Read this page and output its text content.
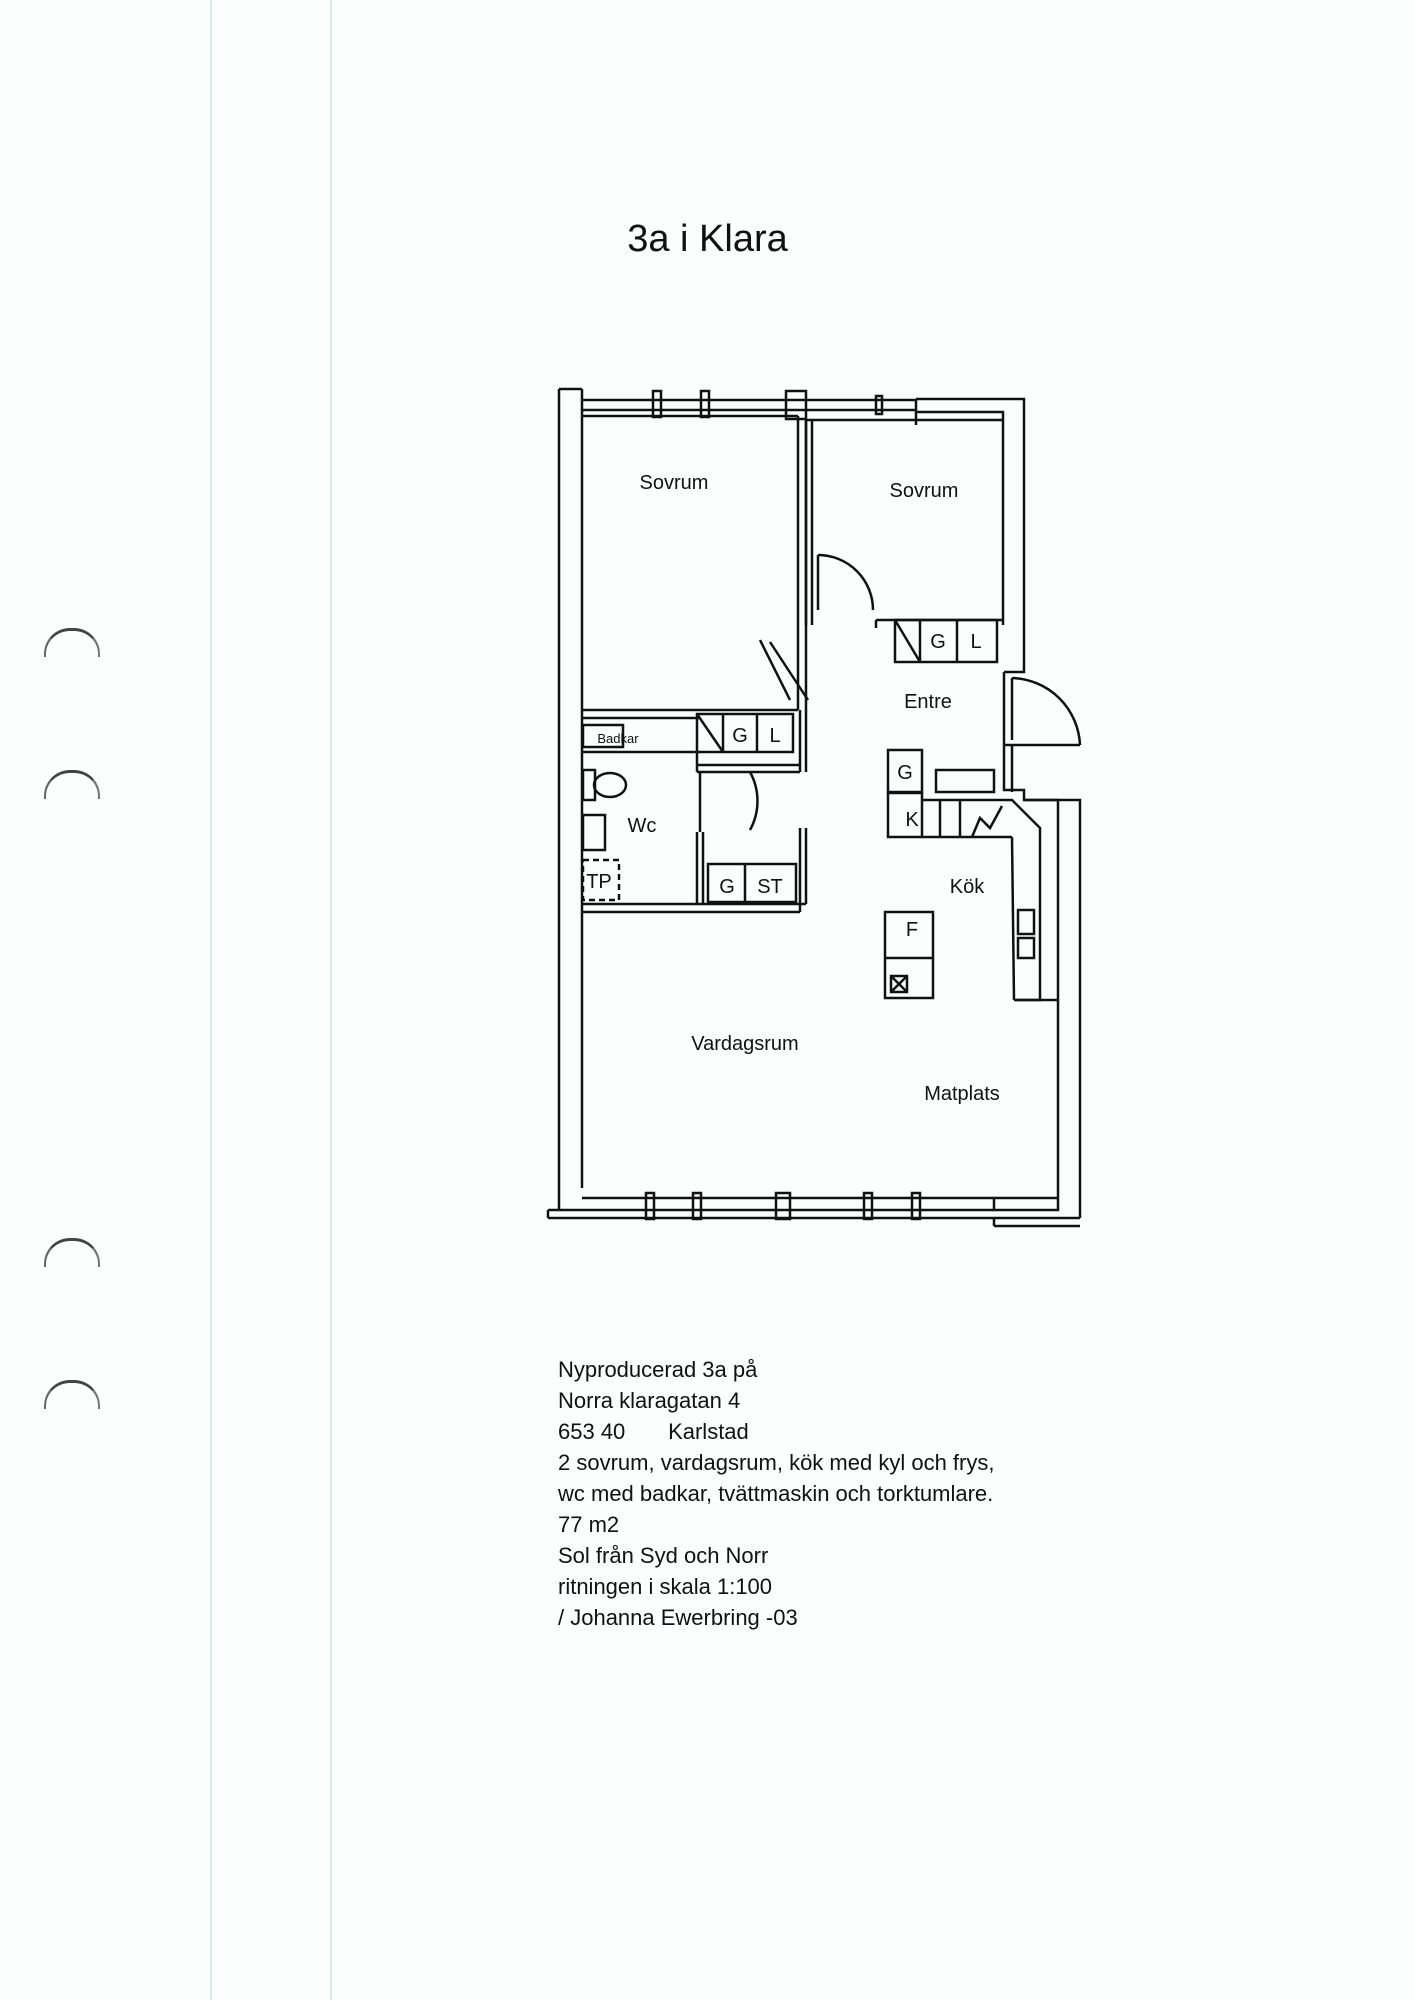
3a i Klara
Sovrum	Sovrum
Entre
Badkar
Wc
TP	Kök
Vardagsrum
Matplats
G L
G L
G ST
G
K
F
Nyproducerad 3a på
Norra klaragatan 4
653 40       Karlstad
2 sovrum, vardagsrum, kök med kyl och frys,
wc med badkar, tvättmaskin och torktumlare.
77 m2
Sol från Syd och Norr
ritningen i skala 1:100
/ Johanna Ewerbring -03
